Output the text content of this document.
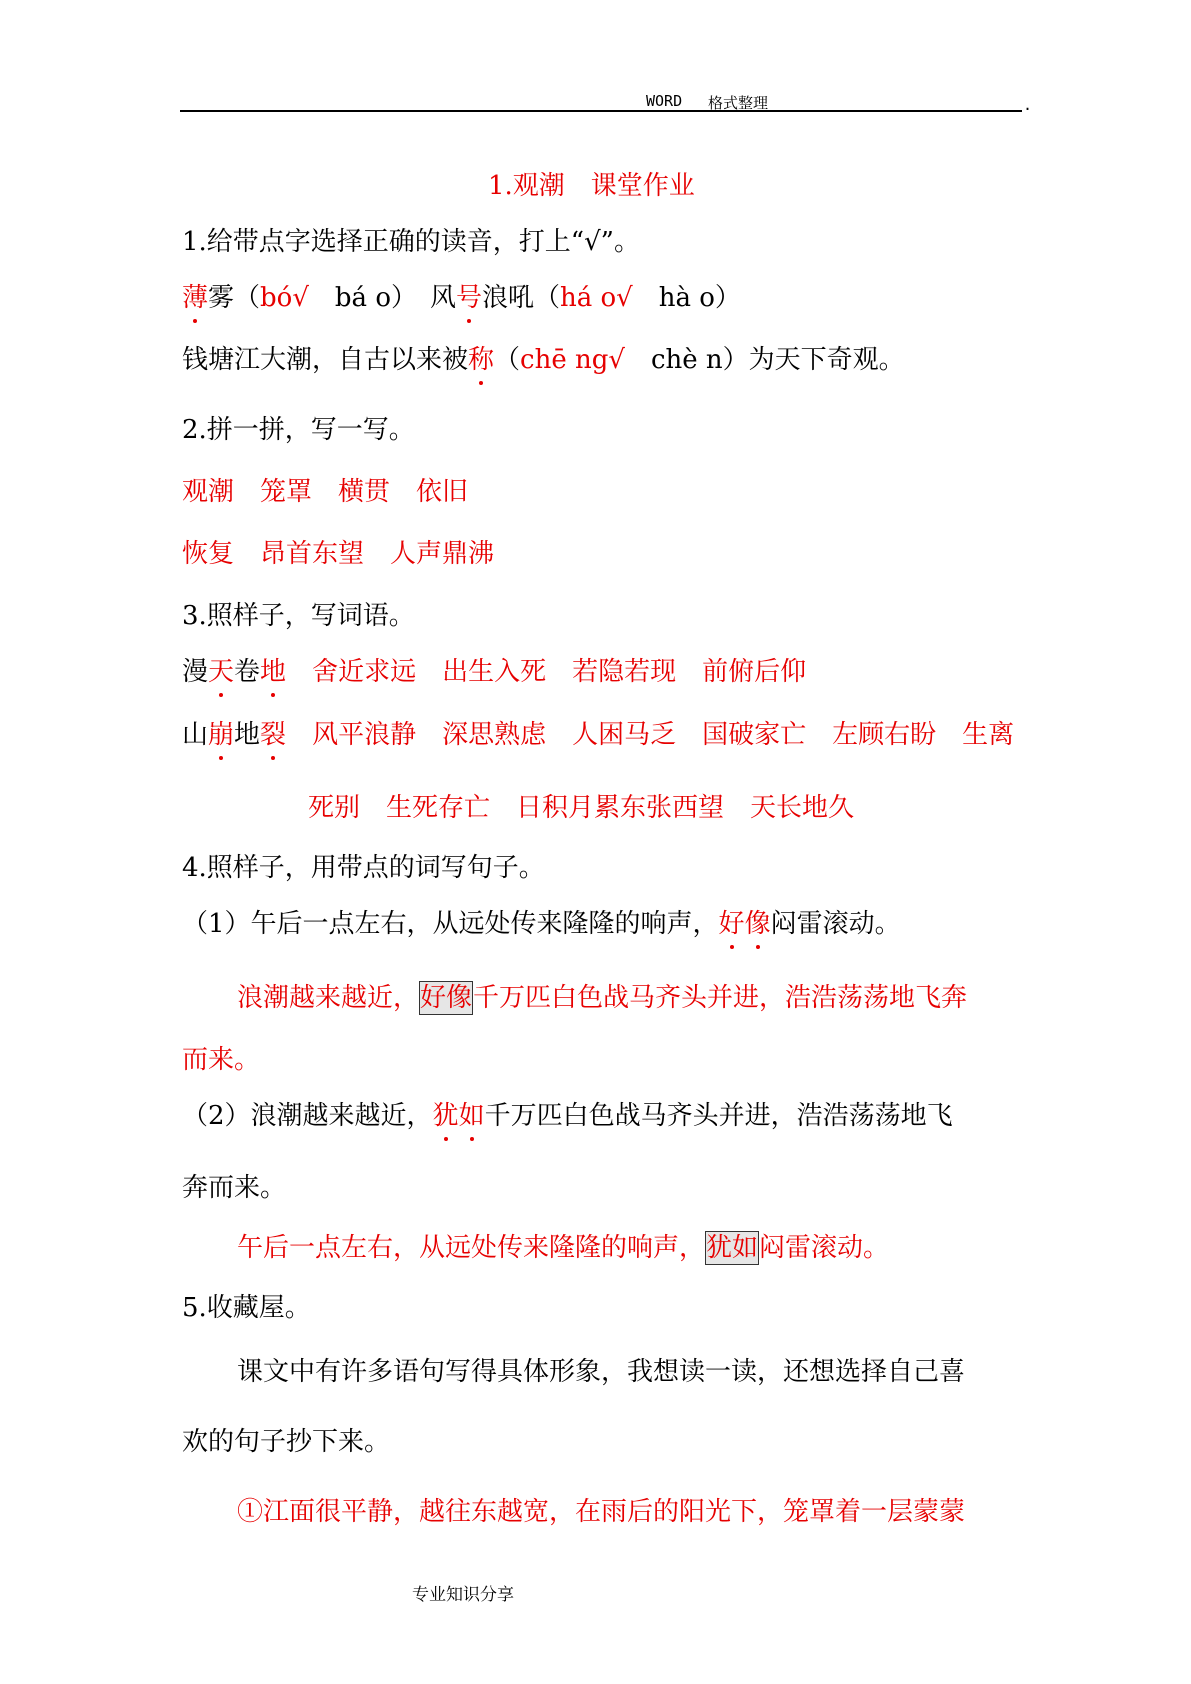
WORD 格式整理	.
1.观潮　课堂作业
1.给带点字选择正确的读音，打上“√”。
薄雾（bó√　bá o）　风号浪吼（há o√　hà o）
钱塘江大潮，自古以来被称（chē ng√　chè n）为天下奇观。
2.拼一拼，写一写。
观潮　笼罩　横贯　依旧
恢复　昂首东望　人声鼎沸
3.照样子，写词语。
漫天卷地　 舍近求远　出生入死　若隐若现　前俯后仰
山崩地裂　 风平浪静　深思熟虑　人困马乏　国破家亡　左顾右盼　生离
死别　生死存亡　日积月累东张西望　天长地久
4.照样子，用带点的词写句子。
（1）午后一点左右，从远处传来隆隆的响声，好像闷雷滚动。
浪潮越来越近，好像千万匹白色战马齐头并进，浩浩荡荡地飞奔
而来。
（2）浪潮越来越近，犹如千万匹白色战马齐头并进，浩浩荡荡地飞
奔而来。
午后一点左右，从远处传来隆隆的响声，犹如闷雷滚动。
5.收藏屋。
课文中有许多语句写得具体形象，我想读一读，还想选择自己喜
欢的句子抄下来。
①江面很平静，越往东越宽，在雨后的阳光下，笼罩着一层蒙蒙
专业知识分享
